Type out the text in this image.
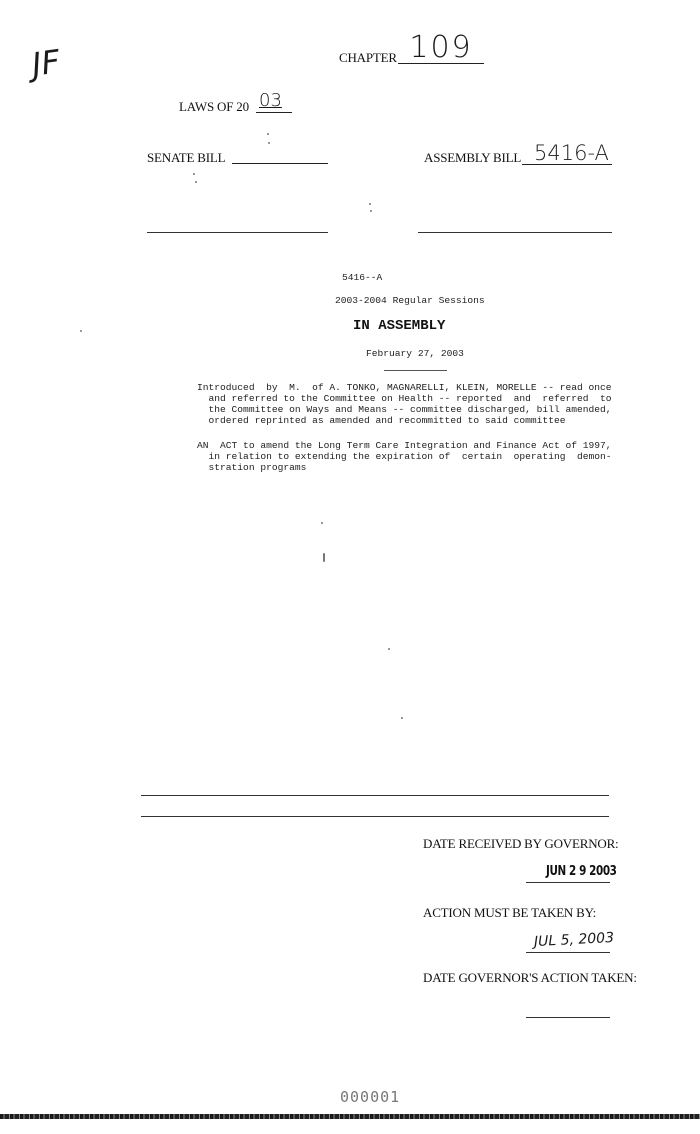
JF	CHAPTER 109
LAWS OF 20 03
SENATE BILL	ASSEMBLY BILL 5416-A
5416--A
2003-2004 Regular Sessions
IN ASSEMBLY
February 27, 2003
Introduced  by  M.  of A. TONKO, MAGNARELLI, KLEIN, MORELLE -- read once
and referred to the Committee on Health -- reported  and  referred  to
the Committee on Ways and Means -- committee discharged, bill amended,
ordered reprinted as amended and recommitted to said committee
AN  ACT to amend the Long Term Care Integration and Finance Act of 1997,
in relation to extending the expiration of  certain  operating  demon-
stration programs
DATE RECEIVED BY GOVERNOR:
JUN 2 9 2003
ACTION MUST BE TAKEN BY:
JUL 5, 2003
DATE GOVERNOR'S ACTION TAKEN:
000001
